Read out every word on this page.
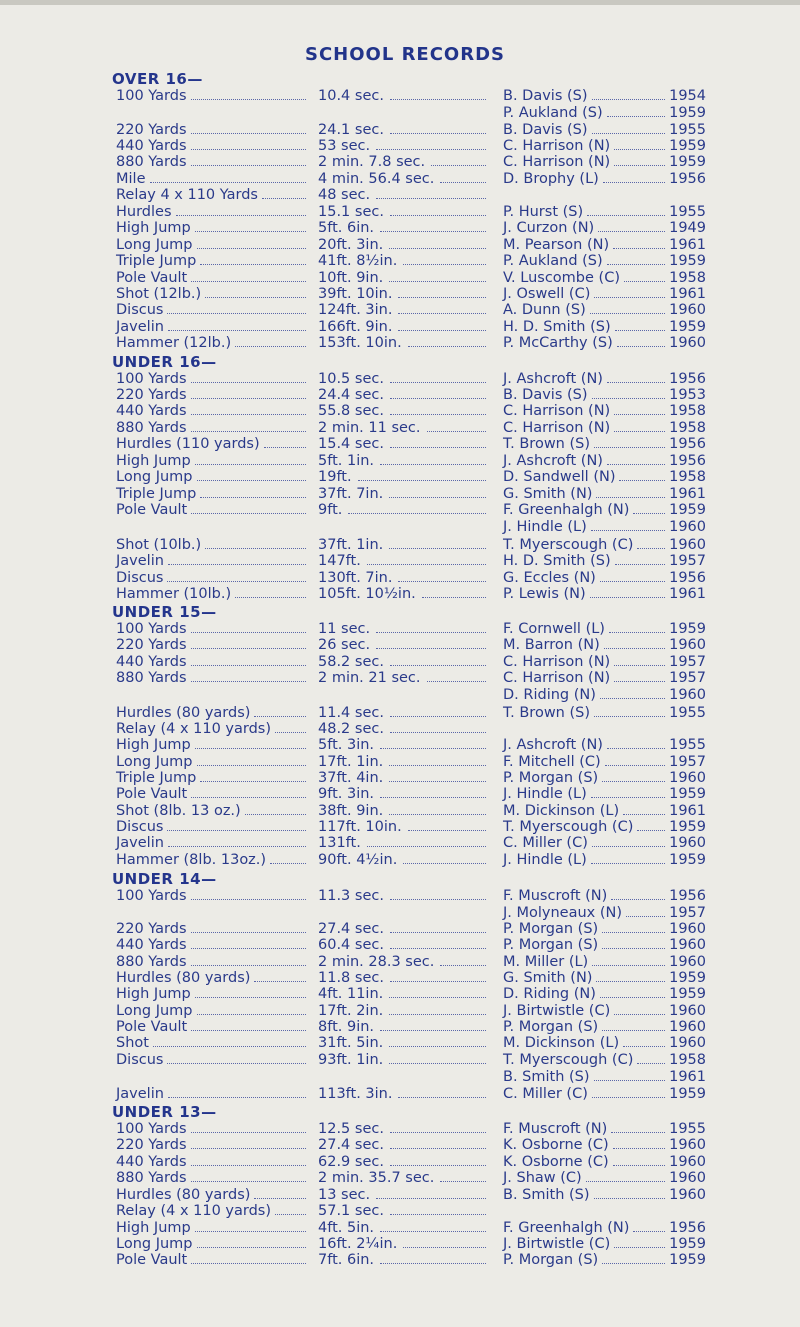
SCHOOL RECORDS
OVER 16—
100 Yards	10.4 sec.	B. Davis (S)	1954
P. Aukland (S)	1959
220 Yards	24.1 sec.	B. Davis (S)	1955
440 Yards	53 sec.	C. Harrison (N)	1959
880 Yards	2 min. 7.8 sec.	C. Harrison (N)	1959
Mile	4 min. 56.4 sec.	D. Brophy (L)	1956
Relay 4 x 110 Yards	48 sec.
Hurdles	15.1 sec.	P. Hurst (S)	1955
High Jump	5ft. 6in.	J. Curzon (N)	1949
Long Jump	20ft. 3in.	M. Pearson (N)	1961
Triple Jump	41ft. 8½in.	P. Aukland (S)	1959
Pole Vault	10ft. 9in.	V. Luscombe (C)	1958
Shot (12lb.)	39ft. 10in.	J. Oswell (C)	1961
Discus	124ft. 3in.	A. Dunn (S)	1960
Javelin	166ft. 9in.	H. D. Smith (S)	1959
Hammer (12lb.)	153ft. 10in.	P. McCarthy (S)	1960
UNDER 16—
100 Yards	10.5 sec.	J. Ashcroft (N)	1956
220 Yards	24.4 sec.	B. Davis (S)	1953
440 Yards	55.8 sec.	C. Harrison (N)	1958
880 Yards	2 min. 11 sec.	C. Harrison (N)	1958
Hurdles (110 yards)	15.4 sec.	T. Brown (S)	1956
High Jump	5ft. 1in.	J. Ashcroft (N)	1956
Long Jump	19ft.	D. Sandwell (N)	1958
Triple Jump	37ft. 7in.	G. Smith (N)	1961
Pole Vault	9ft.	F. Greenhalgh (N)	1959
J. Hindle (L)	1960
Shot (10lb.)	37ft. 1in.	T. Myerscough (C) 1960
Javelin	147ft.	H. D. Smith (S)	1957
Discus	130ft. 7in.	G. Eccles (N)	1956
Hammer (10lb.)	105ft. 10½in.	P. Lewis (N)	1961
UNDER 15—
100 Yards	11 sec.	F. Cornwell (L)	1959
220 Yards	26 sec.	M. Barron (N)	1960
440 Yards	58.2 sec.	C. Harrison (N)	1957
880 Yards	2 min. 21 sec.	C. Harrison (N)	1957
D. Riding (N)	1960
Hurdles (80 yards)	11.4 sec.	T. Brown (S)	1955
Relay (4 x 110 yards)	48.2 sec.
High Jump	5ft. 3in.	J. Ashcroft (N)	1955
Long Jump	17ft. 1in.	F. Mitchell (C)	1957
Triple Jump	37ft. 4in.	P. Morgan (S)	1960
Pole Vault	9ft. 3in.	J. Hindle (L)	1959
Shot (8lb. 13 oz.)	38ft. 9in.	M. Dickinson (L)	1961
Discus	117ft. 10in.	T. Myerscough (C) 1959
Javelin	131ft.	C. Miller (C)	1960
Hammer (8lb. 13oz.)	90ft. 4½in.	J. Hindle (L)	1959
UNDER 14—
100 Yards	11.3 sec.	F. Muscroft (N)	1956
J. Molyneaux (N)	1957
220 Yards	27.4 sec.	P. Morgan (S)	1960
440 Yards	60.4 sec.	P. Morgan (S)	1960
880 Yards	2 min. 28.3 sec.	M. Miller (L)	1960
Hurdles (80 yards)	11.8 sec.	G. Smith (N)	1959
High Jump	4ft. 11in.	D. Riding (N)	1959
Long Jump	17ft. 2in.	J. Birtwistle (C)	1960
Pole Vault	8ft. 9in.	P. Morgan (S)	1960
Shot	31ft. 5in.	M. Dickinson (L)	1960
Discus	93ft. 1in.	T. Myerscough (C) 1958
B. Smith (S)	1961
Javelin	113ft. 3in.	C. Miller (C)	1959
UNDER 13—
100 Yards	12.5 sec.	F. Muscroft (N)	1955
220 Yards	27.4 sec.	K. Osborne (C)	1960
440 Yards	62.9 sec.	K. Osborne (C)	1960
880 Yards	2 min. 35.7 sec.	J. Shaw (C)	1960
Hurdles (80 yards)	13 sec.	B. Smith (S)	1960
Relay (4 x 110 yards)	57.1 sec.
High Jump	4ft. 5in.	F. Greenhalgh (N)	1956
Long Jump	16ft. 2¼in.	J. Birtwistle (C)	1959
Pole Vault	7ft. 6in.	P. Morgan (S)	1959
